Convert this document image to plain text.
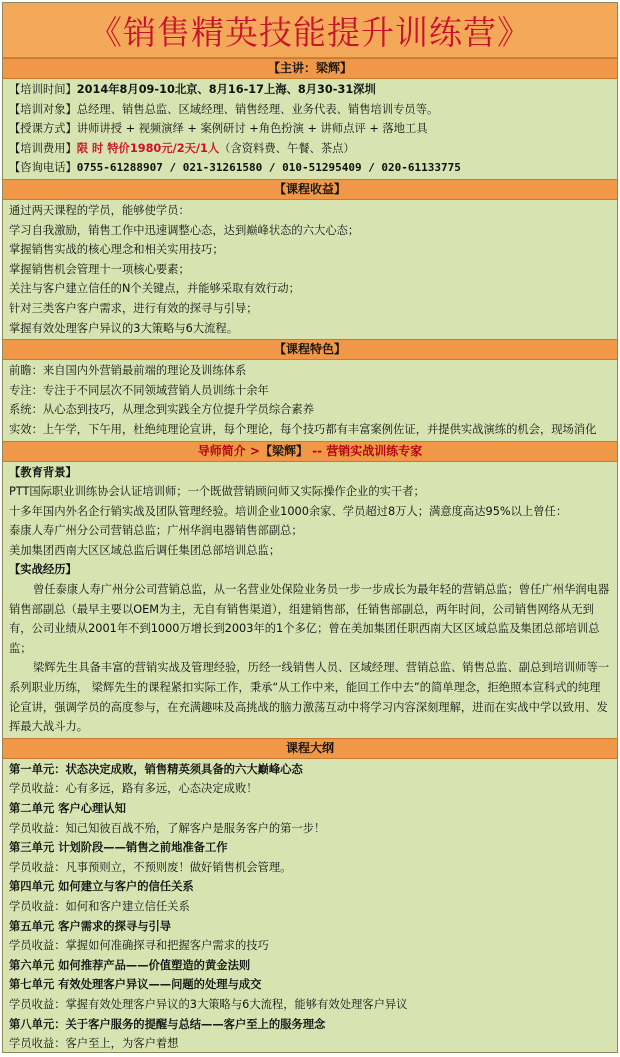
《销售精英技能提升训练营》
【主讲：梁辉】
【培训时间】2014年8月09-10北京、8月16-17上海、8月30-31深圳
【培训对象】总经理、销售总监、区域经理、销售经理、业务代表、销售培训专员等。
【授课方式】讲师讲授 + 视频演绎 + 案例研讨 +角色扮演 + 讲师点评 + 落地工具
【培训费用】限 时 特价1980元/2天/1人（含资料费、午餐、茶点）
【咨询电话】0755-61288907 / 021-31261580 / 010-51295409 / 020-61133775
【课程收益】
通过两天课程的学员，能够使学员：
学习自我激励，销售工作中迅速调整心态，达到巅峰状态的六大心态；
掌握销售实战的核心理念和相关实用技巧；
掌握销售机会管理十一项核心要素；
关注与客户建立信任的N个关键点，并能够采取有效行动；
针对三类客户客户需求，进行有效的探寻与引导；
掌握有效处理客户异议的3大策略与6大流程。
【课程特色】
前瞻：来自国内外营销最前端的理论及训练体系
专注：专注于不同层次不同领域营销人员训练十余年
系统：从心态到技巧，从理念到实践全方位提升学员综合素养
实效：上午学，下午用，杜绝纯理论宣讲，每个理论，每个技巧都有丰富案例佐证，并提供实战演练的机会，现场消化
导师简介 >【梁辉】 -- 营销实战训练专家
【教育背景】
PTT国际职业训练协会认证培训师；一个既做营销顾问师又实际操作企业的实干者；
十多年国内外名企行销实战及团队管理经验。培训企业1000余家、学员超过8万人；满意度高达95%以上曾任：
泰康人寿广州分公司营销总监；广州华润电器销售部副总；
美加集团西南大区区域总监后调任集团总部培训总监；
【实战经历】
曾任泰康人寿广州分公司营销总监，从一名营业处保险业务员一步一步成长为最年轻的营销总监；曾任广州华润电器销售部副总（最早主要以OEM为主，无自有销售渠道），组建销售部，任销售部副总，两年时间，公司销售网络从无到有，公司业绩从2001年不到1000万增长到2003年的1个多亿；曾在美加集团任职西南大区区域总监及集团总部培训总监；
梁辉先生具备丰富的营销实战及管理经验，历经一线销售人员、区域经理、营销总监、销售总监、副总到培训师等一系列职业历练， 梁辉先生的课程紧扣实际工作，秉承“从工作中来，能回工作中去”的简单理念，拒绝照本宣科式的纯理论宣讲，强调学员的高度参与，在充满趣味及高挑战的脑力激荡互动中将学习内容深刻理解，进而在实战中学以致用、发挥最大战斗力。
课程大纲
第一单元：状态决定成败，销售精英须具备的六大巅峰心态
学员收益：心有多远，路有多远，心态决定成败！
第二单元 客户心理认知
学员收益：知己知彼百战不殆，了解客户是服务客户的第一步！
第三单元 计划阶段——销售之前地准备工作
学员收益：凡事预则立，不预则废！做好销售机会管理。
第四单元 如何建立与客户的信任关系
学员收益：如何和客户建立信任关系
第五单元 客户需求的探寻与引导
学员收益：掌握如何准确探寻和把握客户需求的技巧
第六单元 如何推荐产品——价值塑造的黄金法则
第七单元 有效处理客户异议——问题的处理与成交
学员收益：掌握有效处理客户异议的3大策略与6大流程，能够有效处理客户异议
第八单元：关于客户服务的提醒与总结——客户至上的服务理念
学员收益：客户至上，为客户着想
